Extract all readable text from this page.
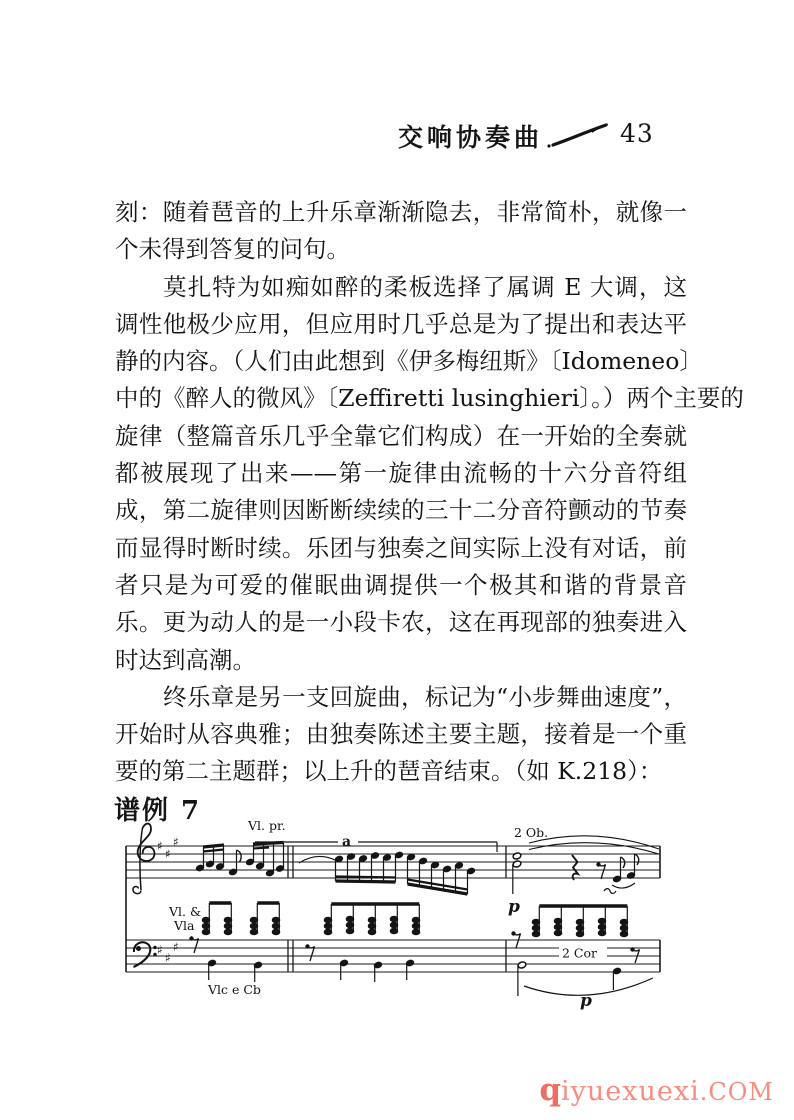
交响协奏曲	43
刻：随着琶音的上升乐章渐渐隐去，非常简朴，就像一
个未得到答复的问句。
莫扎特为如痴如醉的柔板选择了属调 E 大调，这
调性他极少应用，但应用时几乎总是为了提出和表达平
静的内容。（人们由此想到《伊多梅纽斯》〔Idomeneo〕
中的《醉人的微风》〔Zeffiretti lusinghieri〕。）两个主要的
旋律（整篇音乐几乎全靠它们构成）在一开始的全奏就
都被展现了出来——第一旋律由流畅的十六分音符组
成，第二旋律则因断断续续的三十二分音符颤动的节奏
而显得时断时续。乐团与独奏之间实际上没有对话，前
者只是为可爱的催眠曲调提供一个极其和谐的背景音
乐。更为动人的是一小段卡农，这在再现部的独奏进入
时达到高潮。
终乐章是另一支回旋曲，标记为“小步舞曲速度”，
开始时从容典雅；由独奏陈述主要主题，接着是一个重
要的第二主题群；以上升的琶音结束。（如 K.218）：
谱例 7
♯
♯
♯
♯
♯
♯
Vl. pr.
a
2 Ob.
Vl. &
Vla
Vlc e Cb
p
2 Cor
p
qiyuexuexi.COM
